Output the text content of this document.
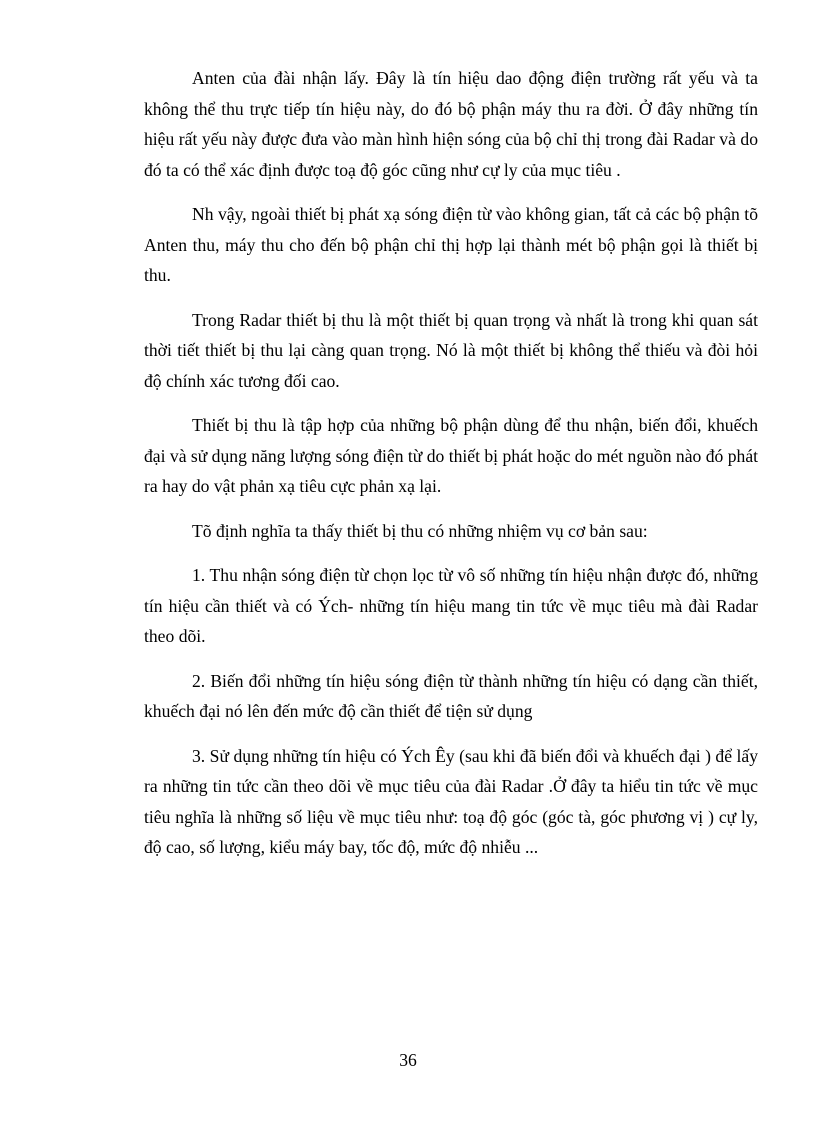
Anten của đài nhận lấy. Đây là tín hiệu dao động điện trường rất yếu và ta không thể thu trực tiếp tín hiệu này, do đó bộ phận máy thu ra đời. Ở đây những tín hiệu rất yếu này được đưa vào màn hình hiện sóng của bộ chỉ thị trong đài Radar và do đó ta có thể xác định được toạ độ góc cũng như cự ly của mục tiêu .

Nh vậy, ngoài thiết bị phát xạ sóng điện từ vào không gian, tất cả các bộ phận tõ Anten thu, máy thu cho đến bộ phận chỉ thị hợp lại thành mét bộ phận gọi là thiết bị thu.

Trong Radar thiết bị thu là một thiết bị quan trọng và nhất là trong khi quan sát thời tiết thiết bị thu lại càng quan trọng. Nó là một thiết bị không thể thiếu và đòi hỏi độ chính xác tương đối cao.

Thiết bị thu là tập hợp của những bộ phận dùng để thu nhận, biến đổi, khuếch đại và sử dụng năng lượng sóng điện từ do thiết bị phát hoặc do mét nguồn nào đó phát ra hay do vật phản xạ tiêu cực phản xạ lại.

Tõ định nghĩa ta thấy thiết bị thu có những nhiệm vụ cơ bản sau:

1. Thu nhận sóng điện từ chọn lọc từ vô số những tín hiệu nhận được đó, những tín hiệu cần thiết và có Ých- những tín hiệu mang tin tức về mục tiêu mà đài Radar theo dõi.

2. Biến đổi những tín hiệu sóng điện từ thành những tín hiệu có dạng cần thiết, khuếch đại nó lên đến mức độ cần thiết để tiện sử dụng

3. Sử dụng những tín hiệu có Ých Êy (sau khi đã biến đổi và khuếch đại ) để lấy ra những tin tức cần theo dõi về mục tiêu của đài Radar .Ở đây ta hiểu tin tức về mục tiêu nghĩa là những số liệu về mục tiêu như: toạ độ góc (góc tà, góc phương vị ) cự ly, độ cao, số lượng, kiểu máy bay, tốc độ, mức độ nhiễu ...

36
